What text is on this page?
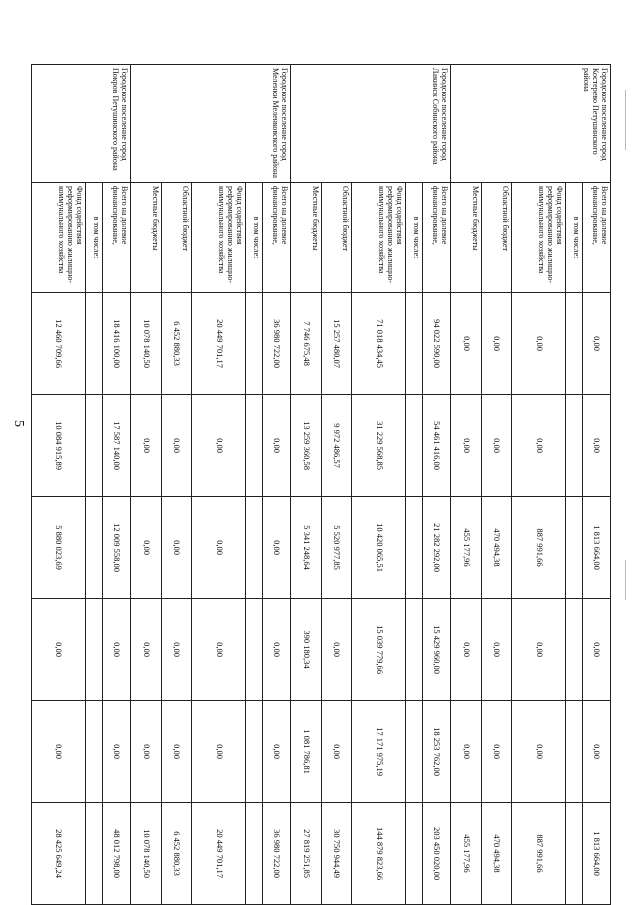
5
Городское поселение город Костерево Петушинского района	Всего на долевое финансирование,	0,00	0,00	1 813 664,00	0,00	0,00	1 813 664,00
	в том числе:						
	Фонд содействия реформированию жилищно-коммунального хозяйства	0,00	0,00	887 991,66	0,00	0,00	887 991,66
	Областной бюджет	0,00	0,00	470 494,38	0,00	0,00	470 494,38
	Местные бюджеты	0,00	0,00	455 177,96	0,00	0,00	455 177,96
Городское поселение город Лакинск Собинского района	Всего на долевое финансирование,	94 022 590,00	54 461 416,00	21 282 292,00	15 429 960,00	18 253 762,00	203 450 020,00
	в том числе:						
	Фонд содействия реформированию жилищно-коммунального хозяйства	71 018 434,45	31 229 568,85	10 420 065,51	15 039 779,66	17 171 975,19	144 879 823,66
	Областной бюджет	15 257 480,07	9 972 486,57	5 520 977,85	0,00	0,00	30 750 944,49
	Местные бюджеты	7 746 675,48	13 259 360,58	5 341 248,64	390 180,34	1 081 786,81	27 819 251,85
Городское поселение город Меленки Меленковского района	Всего на долевое финансирование,	36 980 722,00	0,00	0,00	0,00	0,00	36 980 722,00
	в том числе:						
	Фонд содействия реформированию жилищно-коммунального хозяйства	20 449 701,17	0,00	0,00	0,00	0,00	20 449 701,17
	Областной бюджет	6 452 880,33	0,00	0,00	0,00	0,00	6 452 880,33
	Местные бюджеты	10 078 140,50	0,00	0,00	0,00	0,00	10 078 140,50
Городское поселение город Покров Петушинского района	Всего на долевое финансирование,	18 416 100,00	17 587 140,00	12 009 558,00	0,00	0,00	48 012 798,00
	в том числе:						
	Фонд содействия реформированию жилищно-коммунального хозяйства	12 460 709,66	10 084 915,89	5 880 023,69	0,00	0,00	28 425 649,24
